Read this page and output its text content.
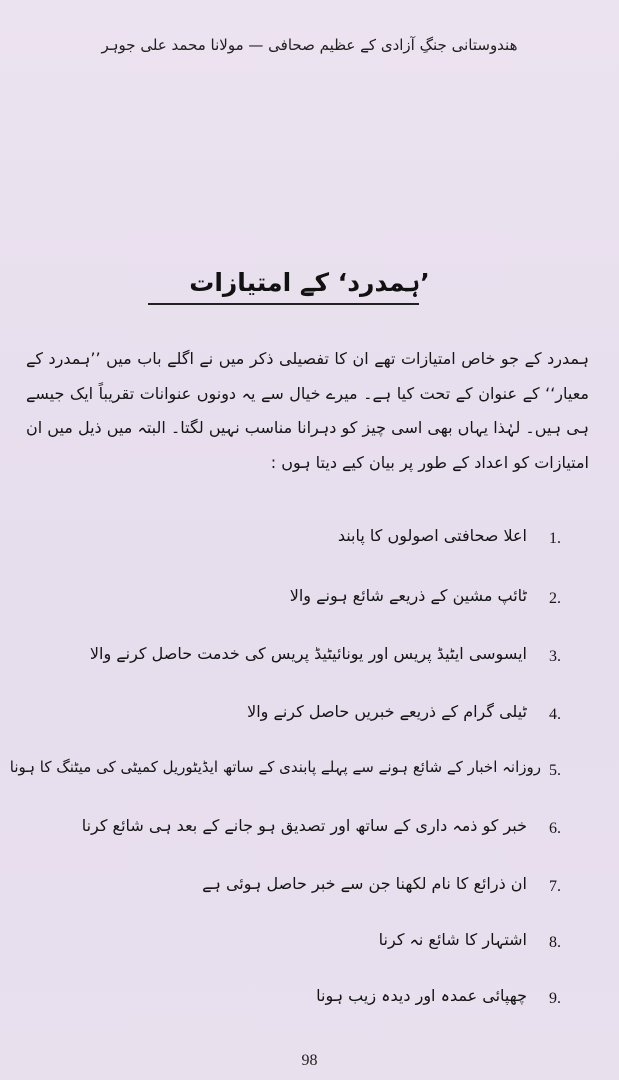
ھندوستانی جنگِ آزادی کے عظیم صحافی — مولانا محمد علی جوہر
’ہمدرد‘ کے امتیازات
ہمدرد کے جو خاص امتیازات تھے ان کا تفصیلی ذکر میں نے اگلے باب میں ’’ہمدرد کے معیار‘‘ کے عنوان کے تحت کیا ہے۔ میرے خیال سے یہ دونوں عنوانات تقریباً ایک جیسے ہی ہیں۔ لہٰذا یہاں بھی اسی چیز کو دہرانا مناسب نہیں لگتا۔ البتہ میں ذیل میں ان امتیازات کو اعداد کے طور پر بیان کیے دیتا ہوں :
1.
اعلا صحافتی اصولوں کا پابند
2.
ٹائپ مشین کے ذریعے شائع ہونے والا
3.
ایسوسی ایٹیڈ پریس اور یونائیٹیڈ پریس کی خدمت حاصل کرنے والا
4.
ٹیلی گرام کے ذریعے خبریں حاصل کرنے والا
5.
روزانہ اخبار کے شائع ہونے سے پہلے پابندی کے ساتھ ایڈیٹوریل کمیٹی کی میٹنگ کا ہونا
6.
خبر کو ذمہ داری کے ساتھ اور تصدیق ہو جانے کے بعد ہی شائع کرنا
7.
ان ذرائع کا نام لکھنا جن سے خبر حاصل ہوئی ہے
8.
اشتہار کا شائع نہ کرنا
9.
چھپائی عمدہ اور دیدہ زیب ہونا
98
